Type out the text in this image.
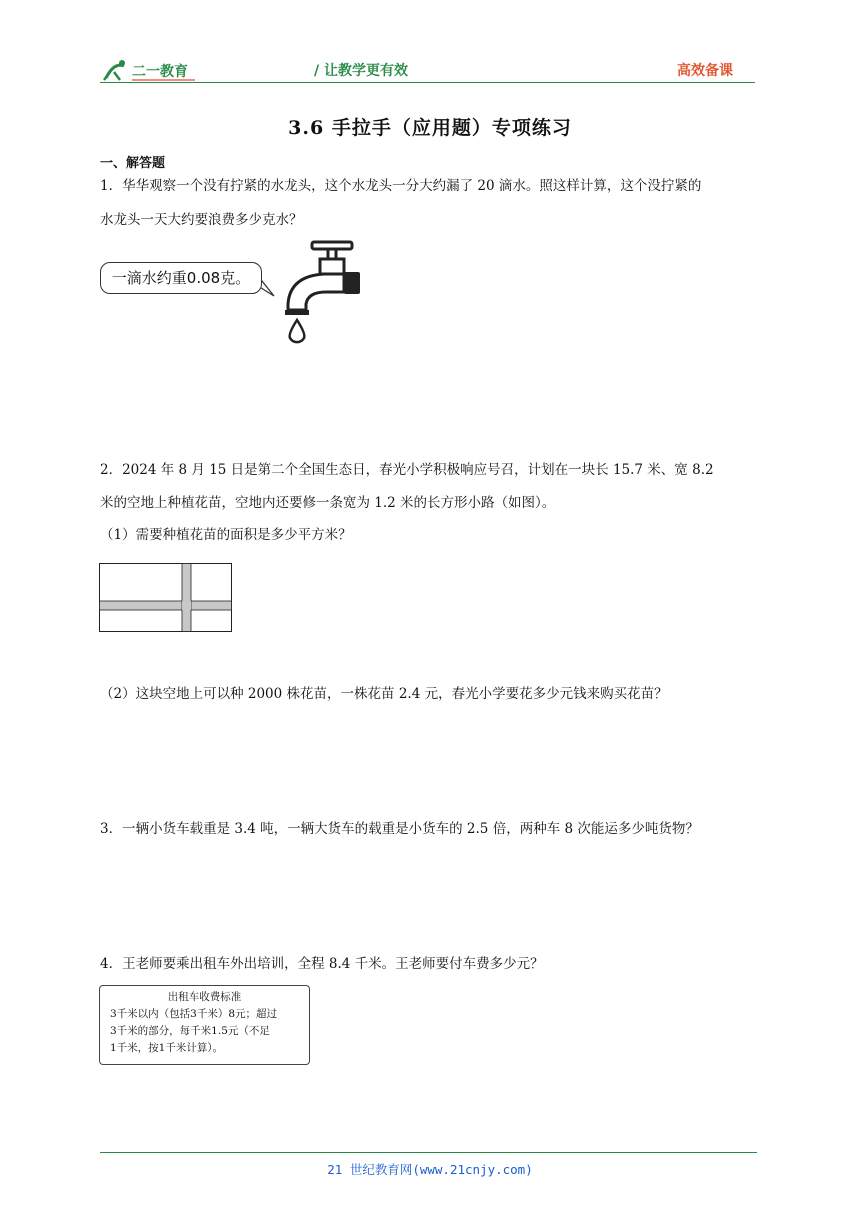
二一教育	/ 让教学更有效	高效备课
3.6 手拉手（应用题）专项练习
一、解答题
1．华华观察一个没有拧紧的水龙头，这个水龙头一分大约漏了 20 滴水。照这样计算，这个没拧紧的
水龙头一天大约要浪费多少克水？
一滴水约重0.08克。
2．2024 年 8 月 15 日是第二个全国生态日，春光小学积极响应号召，计划在一块长 15.7 米、宽 8.2
米的空地上种植花苗，空地内还要修一条宽为 1.2 米的长方形小路（如图）。
（1）需要种植花苗的面积是多少平方米？
（2）这块空地上可以种 2000 株花苗，一株花苗 2.4 元，春光小学要花多少元钱来购买花苗？
3．一辆小货车载重是 3.4 吨，一辆大货车的载重是小货车的 2.5 倍，两种车 8 次能运多少吨货物？
4．王老师要乘出租车外出培训，全程 8.4 千米。王老师要付车费多少元？
出租车收费标准
3千米以内（包括3千米）8元；超过
3千米的部分，每千米1.5元（不足
1千米，按1千米计算）。
21 世纪教育网(www.21cnjy.com)
